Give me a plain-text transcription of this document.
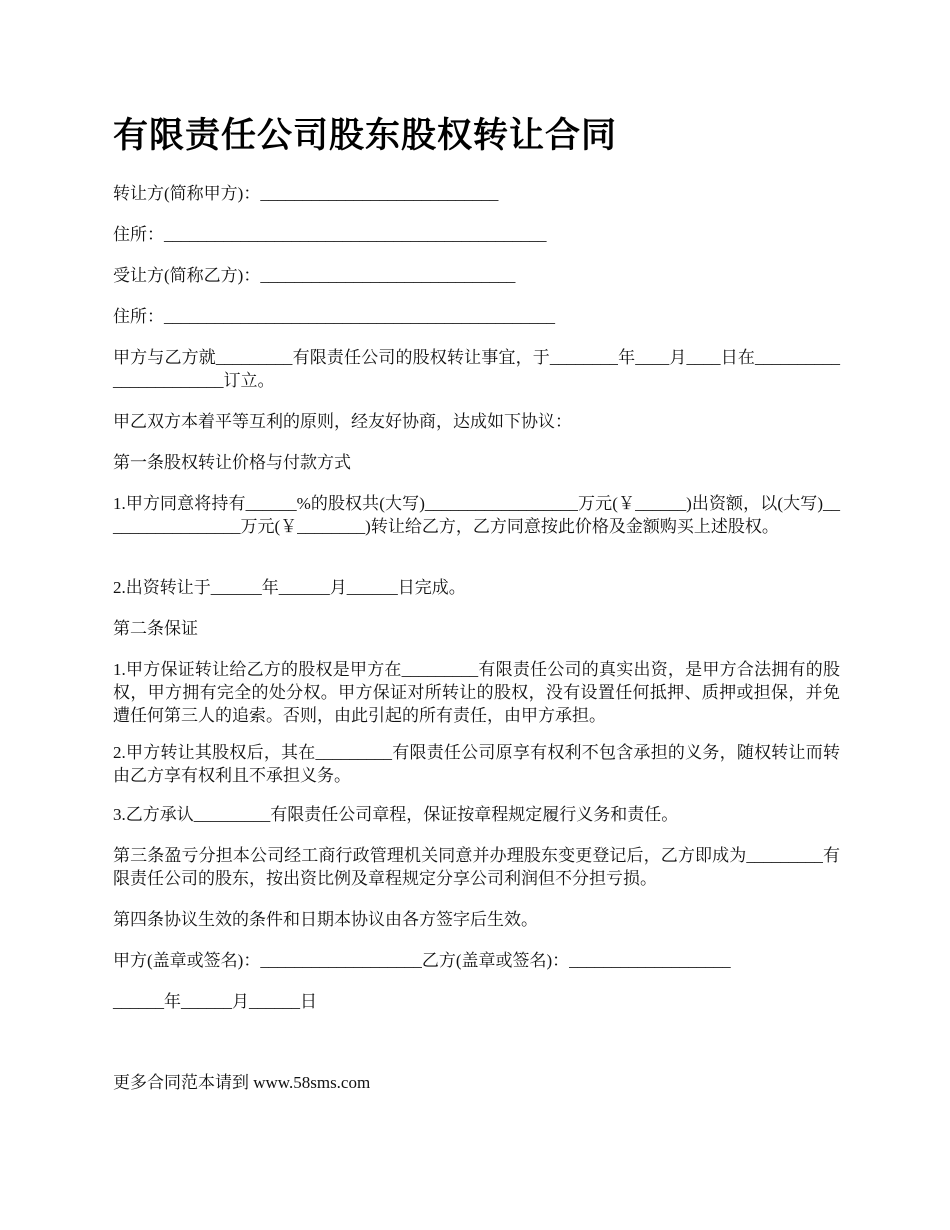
有限责任公司股东股权转让合同

转让方(简称甲方)：____________________________

住所：_____________________________________________

受让方(简称乙方)：______________________________

住所：______________________________________________

甲方与乙方就_________有限责任公司的股权转让事宜，于________年____月____日在_______________________订立。

甲乙双方本着平等互利的原则，经友好协商，达成如下协议：

第一条股权转让价格与付款方式

1.甲方同意将持有______%的股权共(大写)__________________万元(￥______)出资额，以(大写)_________________万元(￥________)转让给乙方，乙方同意按此价格及金额购买上述股权。

2.出资转让于______年______月______日完成。

第二条保证

1.甲方保证转让给乙方的股权是甲方在_________有限责任公司的真实出资，是甲方合法拥有的股权，甲方拥有完全的处分权。甲方保证对所转让的股权，没有设置任何抵押、质押或担保，并免遭任何第三人的追索。否则，由此引起的所有责任，由甲方承担。

2.甲方转让其股权后，其在_________有限责任公司原享有权利不包含承担的义务，随权转让而转由乙方享有权利且不承担义务。

3.乙方承认_________有限责任公司章程，保证按章程规定履行义务和责任。

第三条盈亏分担本公司经工商行政管理机关同意并办理股东变更登记后，乙方即成为_________有限责任公司的股东，按出资比例及章程规定分享公司利润但不分担亏损。

第四条协议生效的条件和日期本协议由各方签字后生效。

甲方(盖章或签名)：___________________乙方(盖章或签名)：___________________

______年______月______日

更多合同范本请到 www.58sms.com
